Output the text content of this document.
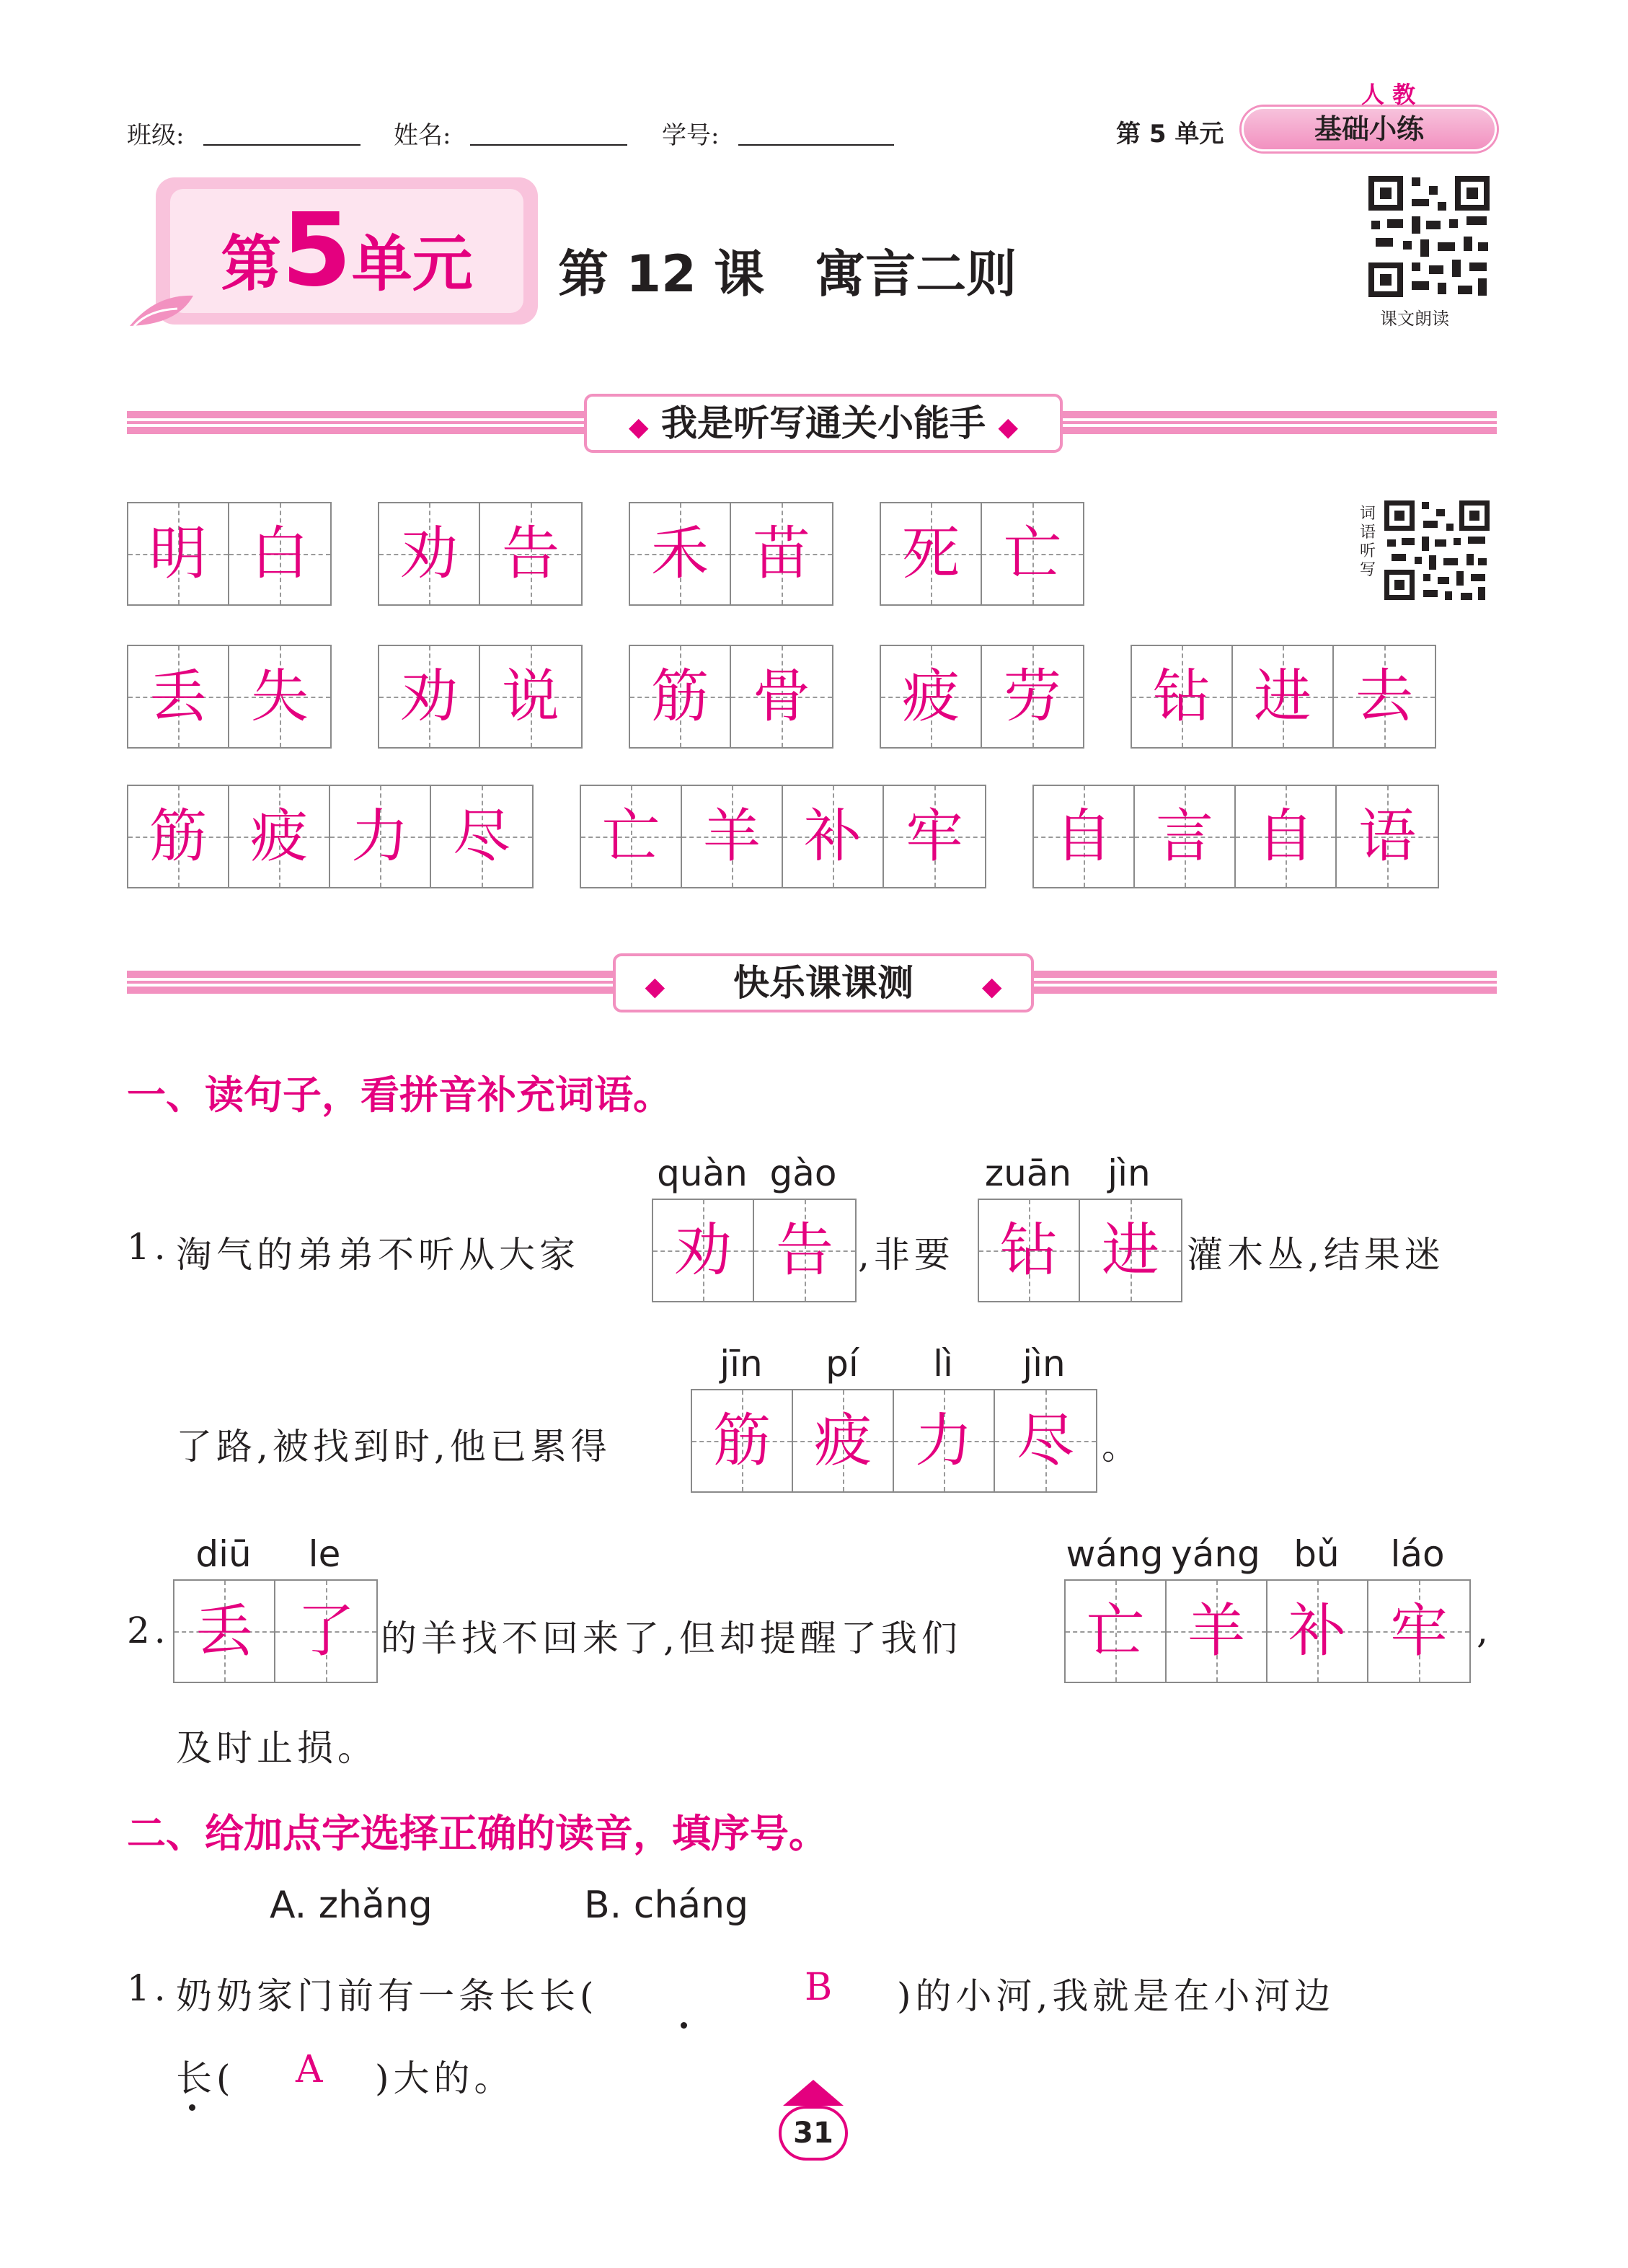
班级:	姓名:	学号:	第 5 单元	基础小练
人 教
第5单元	第 12 课　寓言二则
课文朗读
词语听写
◆ 我是听写通关小能手 ◆
明 白	劝 告	禾 苗	死 亡
丢 失	劝 说	筋 骨	疲 劳	钻 进 去
筋 疲 力 尽	亡 羊 补 牢	自 言 自 语
◆ 快乐课课测	◆
一、读句子，看拼音补充词语。
1. 淘气的弟弟不听从大家
quàn gào
劝 告 ,非要
zuān	jìn
钻 进 灌木丛,结果迷
了路,被找到时,他已累得
jīn	pí	lì	jìn
筋 疲 力 尽 。
2.
diū	le
丢 了 的羊找不回来了,但却提醒了我们
wáng yáng bǔ	láo
亡 羊 补 牢 ,
及时止损。
二、给加点字选择正确的读音，填序号。
A. zhǎng	B. cháng
1. 奶奶家门前有一条长长(	B )的小河,我就是在小河边
长( A )大的。
31
